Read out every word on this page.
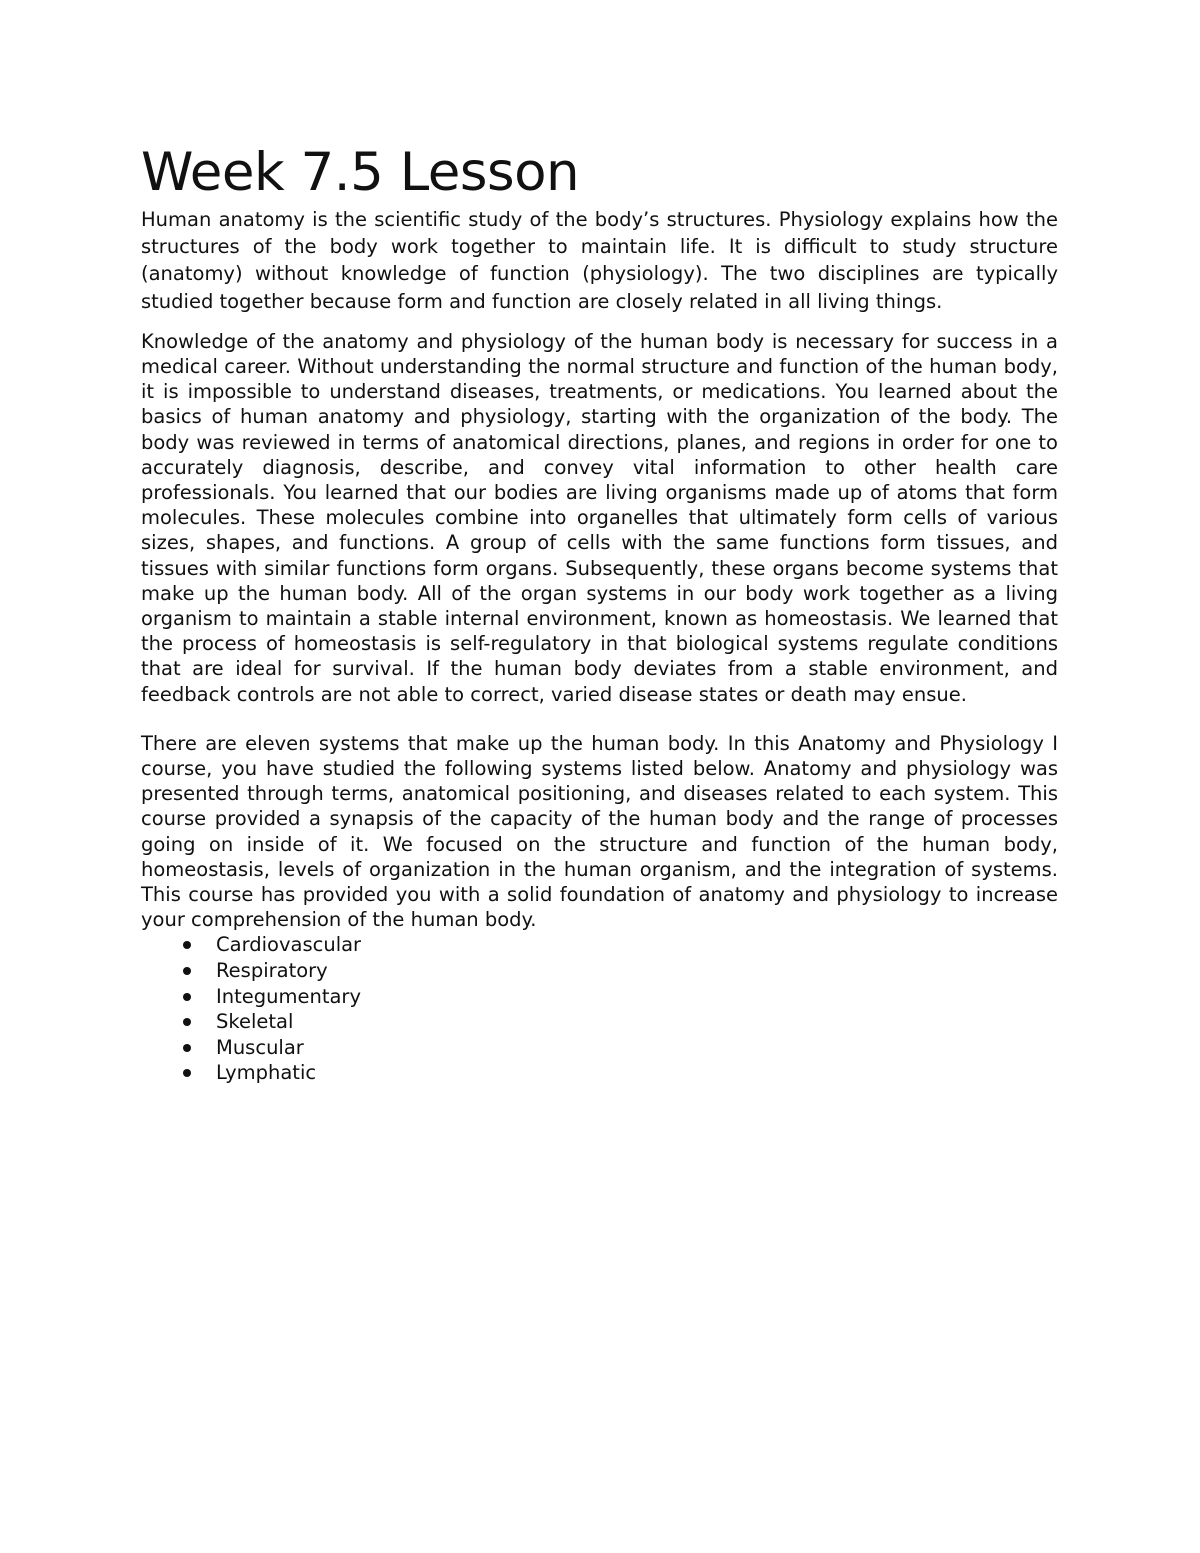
Week 7.5 Lesson

Human anatomy is the scientific study of the body’s structures. Physiology explains how the structures of the body work together to maintain life. It is difficult to study structure (anatomy) without knowledge of function (physiology). The two disciplines are typically studied together because form and function are closely related in all living things.

Knowledge of the anatomy and physiology of the human body is necessary for success in a medical career. Without understanding the normal structure and function of the human body, it is impossible to understand diseases, treatments, or medications. You learned about the basics of human anatomy and physiology, starting with the organization of the body. The body was reviewed in terms of anatomical directions, planes, and regions in order for one to accurately diagnosis, describe, and convey vital information to other health care professionals. You learned that our bodies are living organisms made up of atoms that form molecules. These molecules combine into organelles that ultimately form cells of various sizes, shapes, and functions. A group of cells with the same functions form tissues, and tissues with similar functions form organs. Subsequently, these organs become systems that make up the human body. All of the organ systems in our body work together as a living organism to maintain a stable internal environment, known as homeostasis. We learned that the process of homeostasis is self-regulatory in that biological systems regulate conditions that are ideal for survival. If the human body deviates from a stable environment, and feedback controls are not able to correct, varied disease states or death may ensue.

There are eleven systems that make up the human body. In this Anatomy and Physiology I course, you have studied the following systems listed below. Anatomy and physiology was presented through terms, anatomical positioning, and diseases related to each system. This course provided a synapsis of the capacity of the human body and the range of processes going on inside of it. We focused on the structure and function of the human body, homeostasis, levels of organization in the human organism, and the integration of systems. This course has provided you with a solid foundation of anatomy and physiology to increase your comprehension of the human body.

Cardiovascular
Respiratory
Integumentary
Skeletal
Muscular
Lymphatic
